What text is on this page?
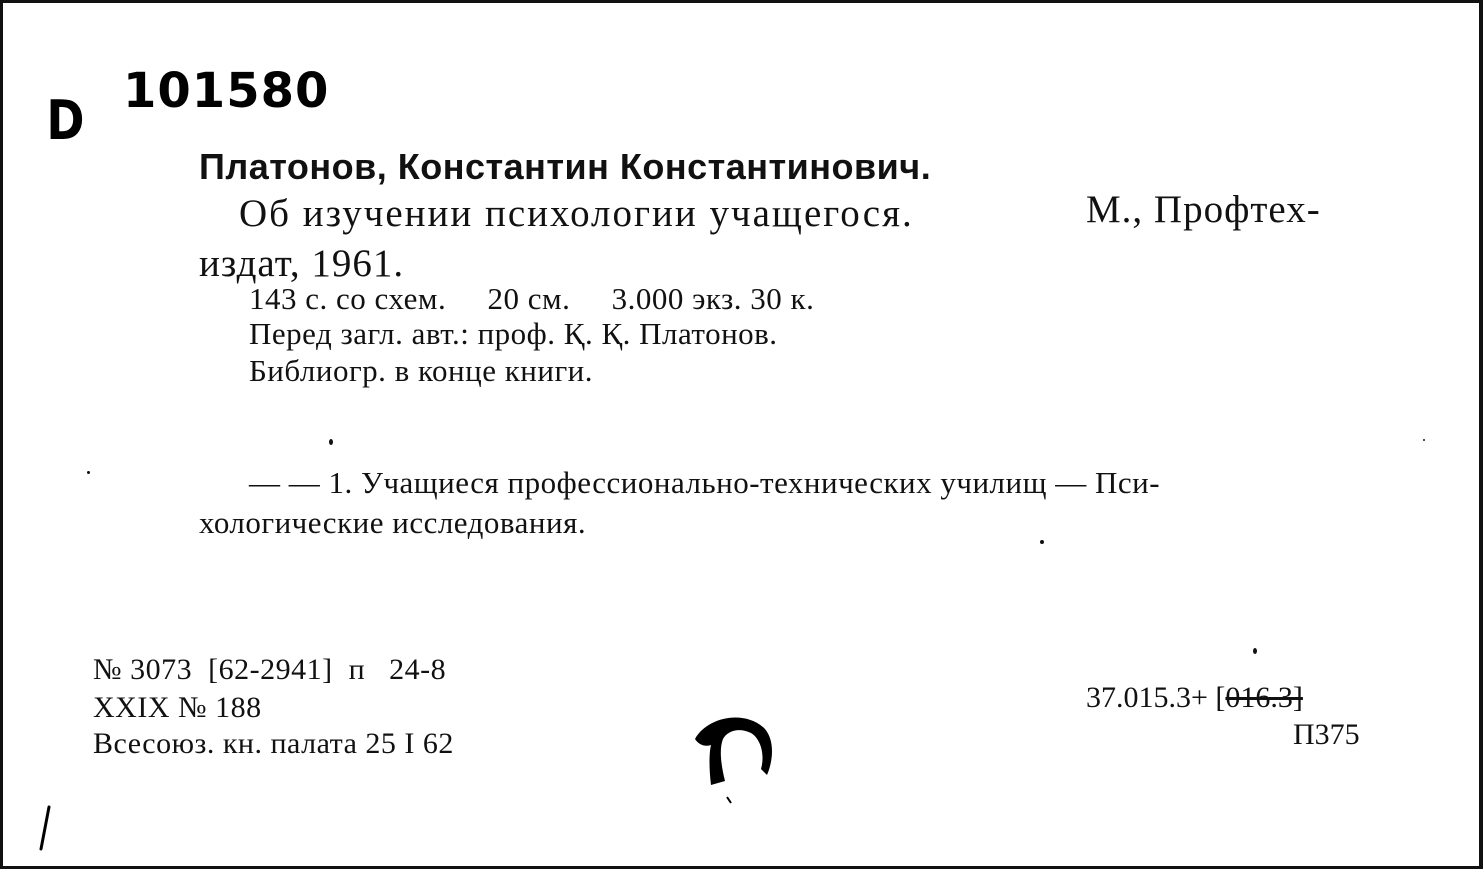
D 101580
Платонов, Константин Константинович.
Об изучении психологии учащегося.	М., Профтех-
издат, 1961.
143 с. со схем.     20 см.     3.000 экз. 30 к.
Перед загл. авт.: проф. Қ. Қ. Платонов.
Библиогр. в конце книги.
— — 1. Учащиеся профессионально-технических училищ — Пси-
хологические исследования.
№ 3073  [62-2941]  п   24-8
XXIX № 188
Всесоюз. кн. палата 25 I 62
37.015.3+ [016.3]
П375
